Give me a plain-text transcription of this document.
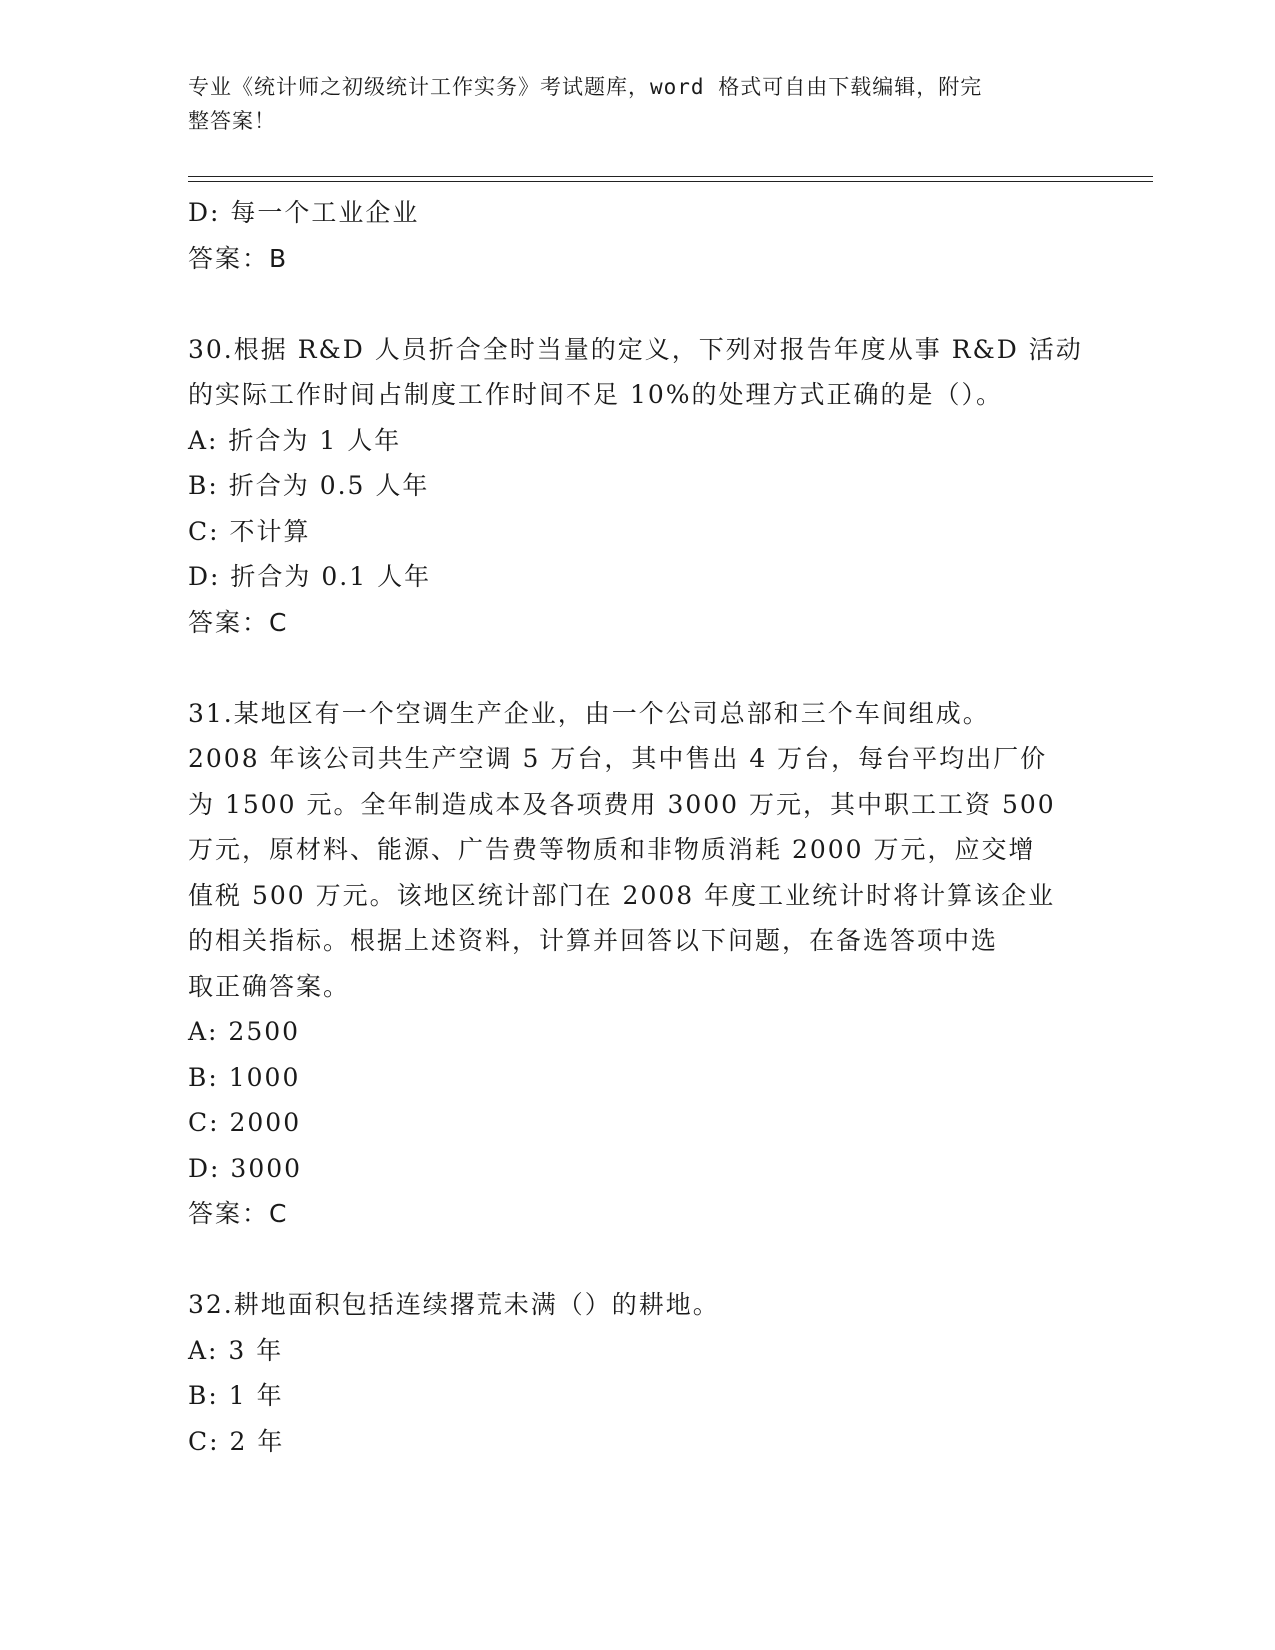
专业《统计师之初级统计工作实务》考试题库，word 格式可自由下载编辑，附完
整答案！
D: 每一个工业企业
答案：B
30.根据 R&D 人员折合全时当量的定义，下列对报告年度从事 R&D 活动
的实际工作时间占制度工作时间不足 10%的处理方式正确的是（）。
A: 折合为 1 人年
B: 折合为 0.5 人年
C: 不计算
D: 折合为 0.1 人年
答案：C
31.某地区有一个空调生产企业，由一个公司总部和三个车间组成。
2008 年该公司共生产空调 5 万台，其中售出 4 万台，每台平均出厂价
为 1500 元。全年制造成本及各项费用 3000 万元，其中职工工资 500
万元，原材料、能源、广告费等物质和非物质消耗 2000 万元，应交增
值税 500 万元。该地区统计部门在 2008 年度工业统计时将计算该企业
的相关指标。根据上述资料，计算并回答以下问题，在备选答项中选
取正确答案。
A: 2500
B: 1000
C: 2000
D: 3000
答案：C
32.耕地面积包括连续撂荒未满（）的耕地。
A: 3 年
B: 1 年
C: 2 年
